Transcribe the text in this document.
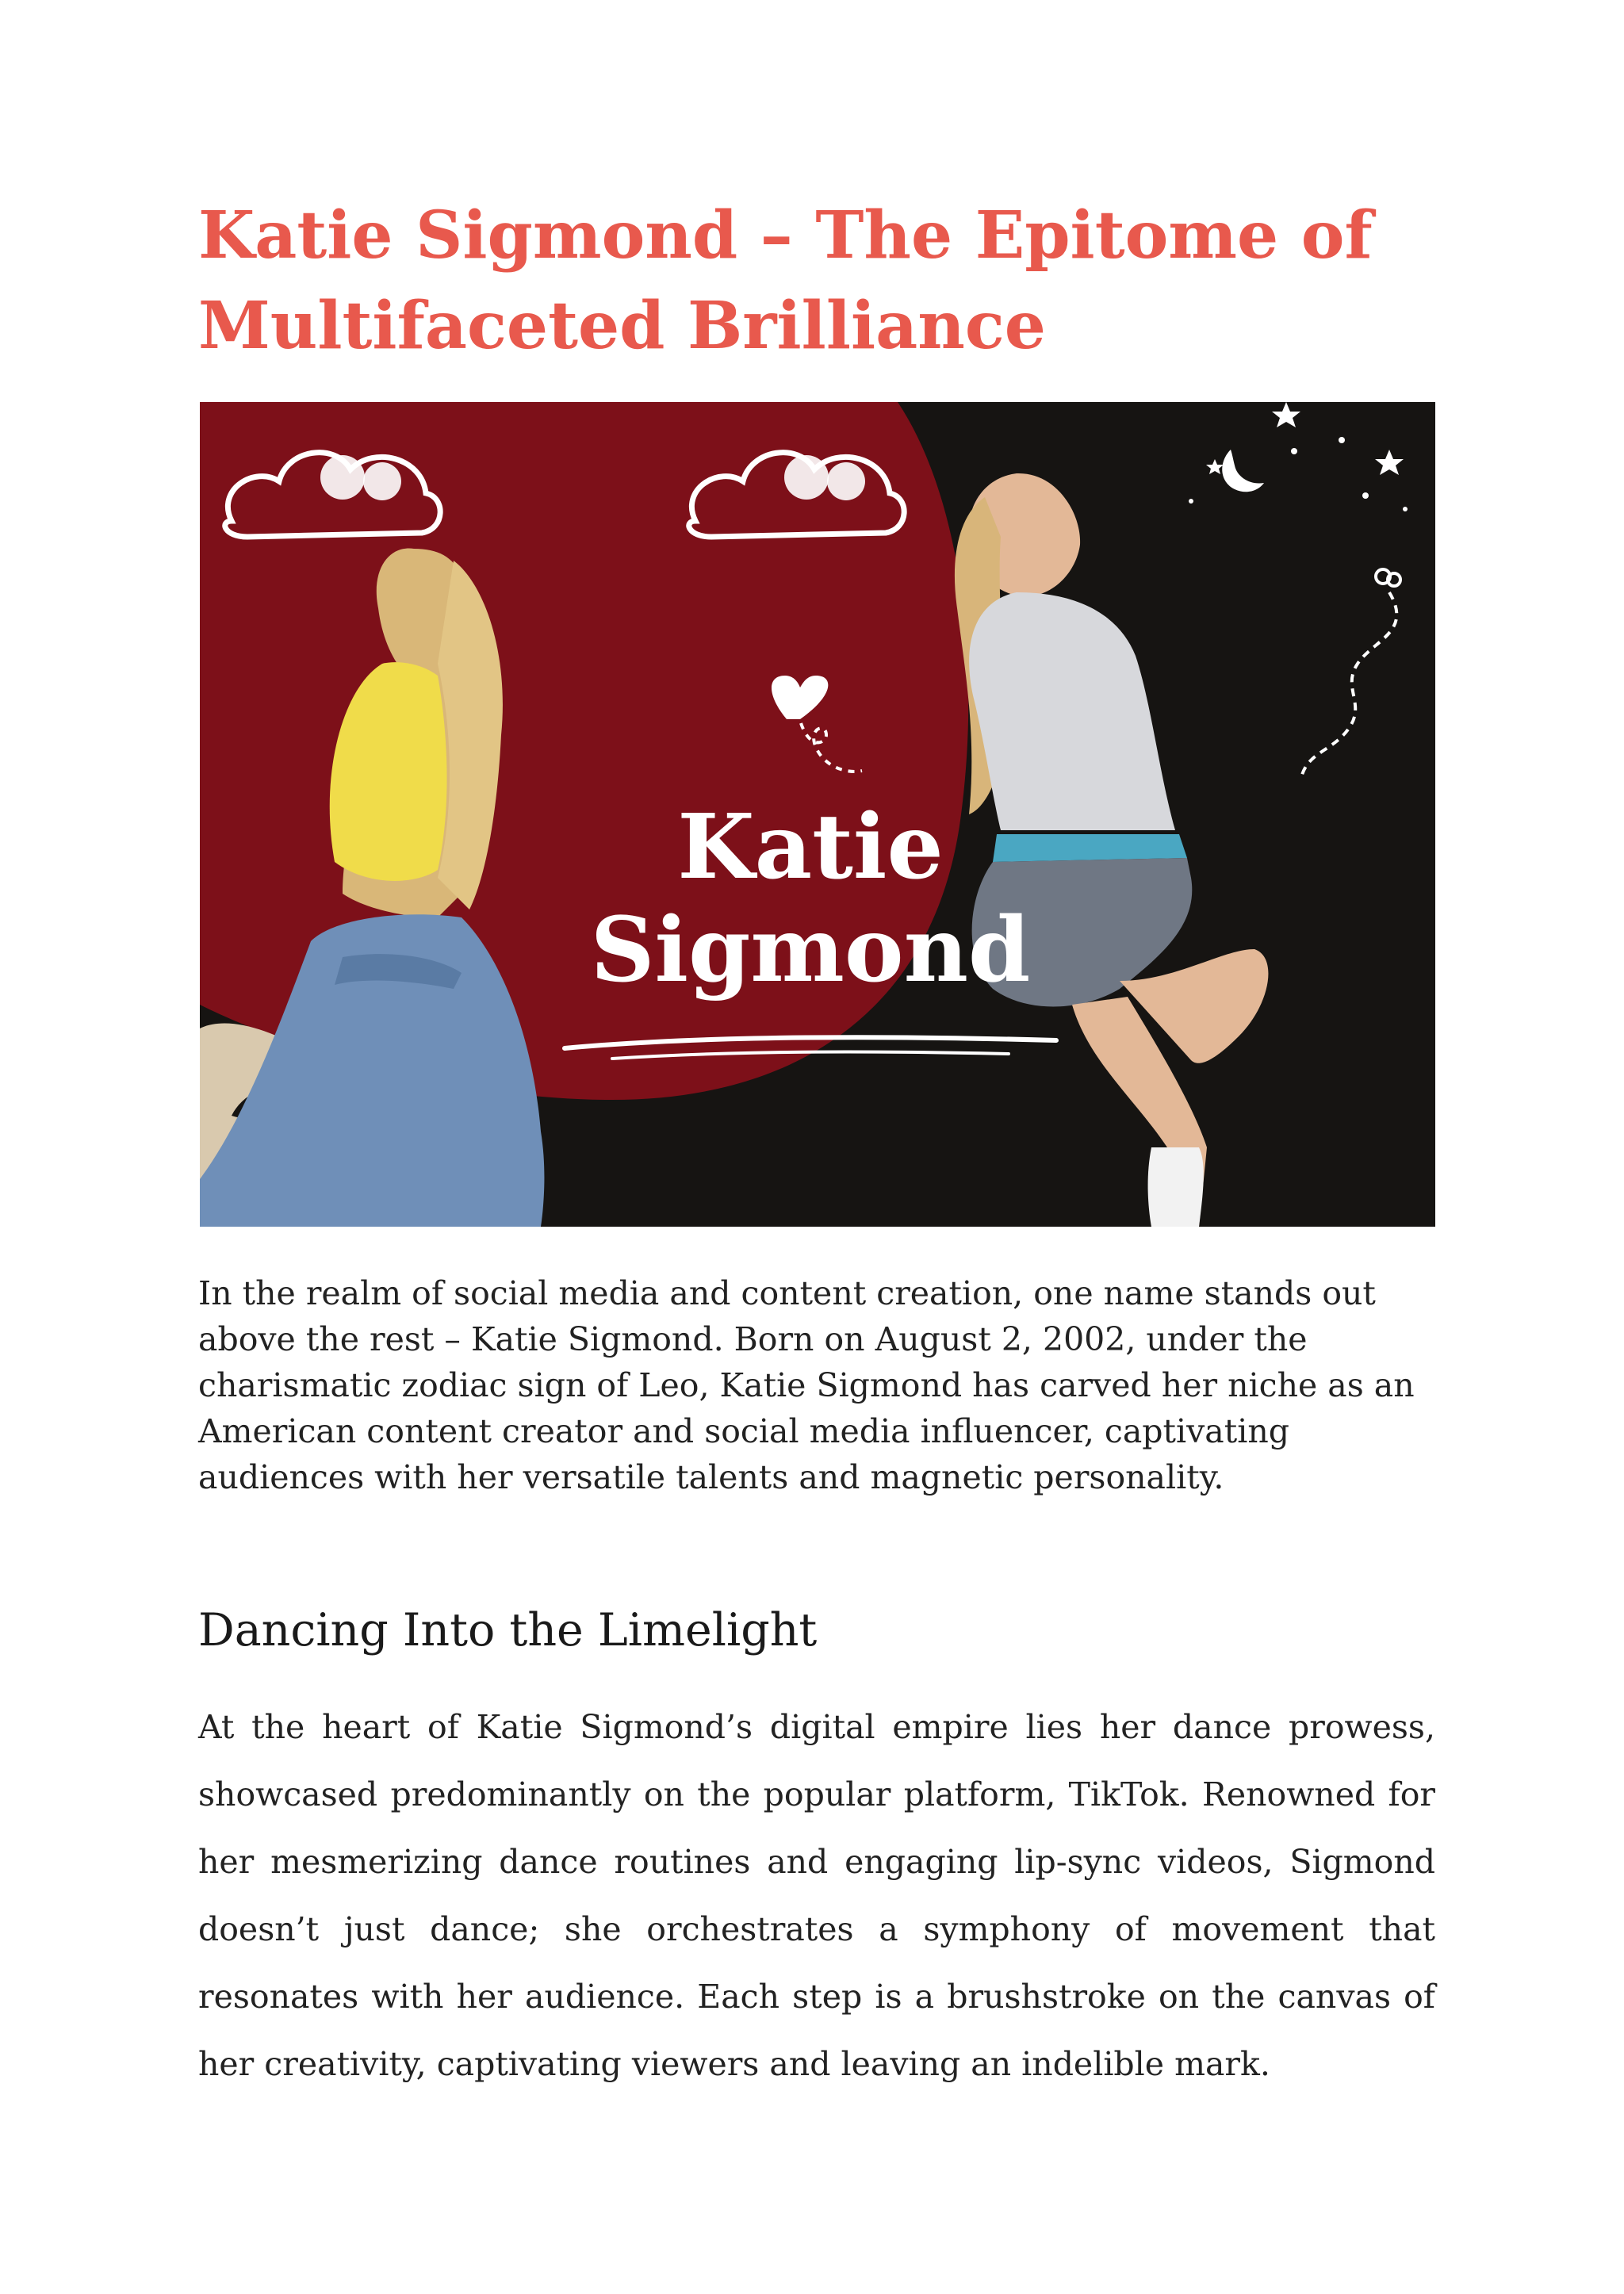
Katie Sigmond – The Epitome of Multifaceted Brilliance
Katie
Sigmond

In the realm of social media and content creation, one name stands out above the rest – Katie Sigmond. Born on August 2, 2002, under the charismatic zodiac sign of Leo, Katie Sigmond has carved her niche as an American content creator and social media influencer, captivating audiences with her versatile talents and magnetic personality.

Dancing Into the Limelight

At the heart of Katie Sigmond’s digital empire lies her dance prowess, showcased predominantly on the popular platform, TikTok. Renowned for her mesmerizing dance routines and engaging lip-sync videos, Sigmond doesn’t just dance; she orchestrates a symphony of movement that resonates with her audience. Each step is a brushstroke on the canvas of her creativity, captivating viewers and leaving an indelible mark.
